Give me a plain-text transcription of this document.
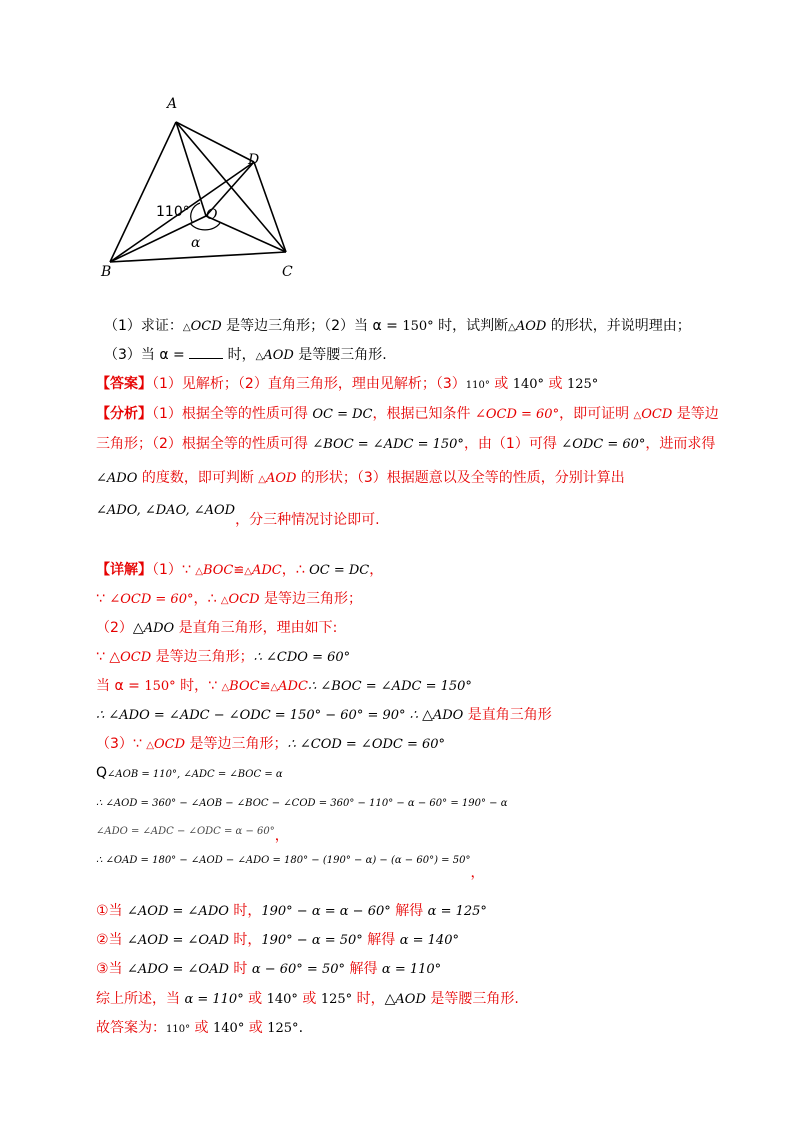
A
D
O
110°
α
B	C
（1）求证：△OCD 是等边三角形；（2）当 α = 150° 时，试判断△AOD 的形状，并说明理由；
（3）当 α =  时，△AOD 是等腰三角形.
【答案】（1）见解析；（2）直角三角形，理由见解析；（3）110° 或 140° 或 125°
【分析】（1）根据全等的性质可得 OC = DC，根据已知条件 ∠OCD = 60°，即可证明 △OCD 是等边
三角形；（2）根据全等的性质可得 ∠BOC = ∠ADC = 150°，由（1）可得 ∠ODC = 60°，进而求得
∠ADO 的度数，即可判断 △AOD 的形状；（3）根据题意以及全等的性质，分别计算出
∠ADO, ∠DAO, ∠AOD，分三种情况讨论即可.
【详解】（1）∵ △BOC≌△ADC，∴ OC = DC，
∵ ∠OCD = 60°，∴ △OCD 是等边三角形；
（2）△ADO 是直角三角形，理由如下:
∵ △OCD 是等边三角形；∴ ∠CDO = 60°
当 α = 150° 时，∵ △BOC≌△ADC∴ ∠BOC = ∠ADC = 150°
∴ ∠ADO = ∠ADC − ∠ODC = 150° − 60° = 90° ∴ △ADO 是直角三角形
（3）∵ △OCD 是等边三角形；∴ ∠COD = ∠ODC = 60°
Q∠AOB = 110°, ∠ADC = ∠BOC = α
∴ ∠AOD = 360° − ∠AOB − ∠BOC − ∠COD = 360° − 110° − α − 60° = 190° − α
∠ADO = ∠ADC − ∠ODC = α − 60°，
∴ ∠OAD = 180° − ∠AOD − ∠ADO = 180° − (190° − α) − (α − 60°) = 50°，
①当 ∠AOD = ∠ADO 时，190° − α = α − 60° 解得 α = 125°
②当 ∠AOD = ∠OAD 时，190° − α = 50° 解得 α = 140°
③当 ∠ADO = ∠OAD 时 α − 60° = 50° 解得 α = 110°
综上所述，当 α = 110° 或 140° 或 125° 时，△AOD 是等腰三角形.
故答案为：110° 或 140° 或 125°.
